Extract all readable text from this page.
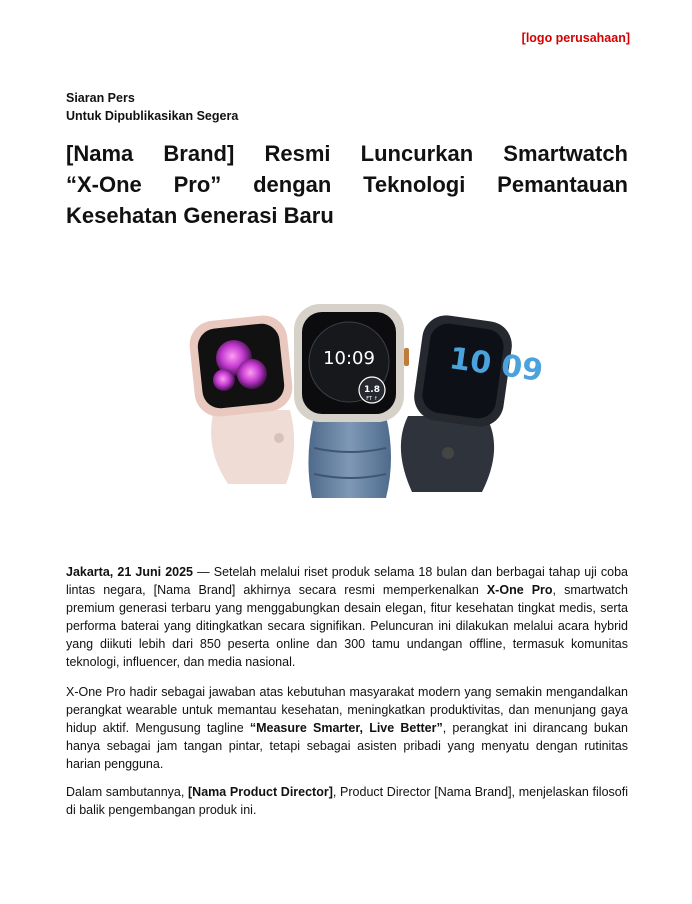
[logo perusahaan]
Siaran Pers
Untuk Dipublikasikan Segera
[Nama Brand] Resmi Luncurkan Smartwatch
“X-One Pro” dengan Teknologi Pemantauan
Kesehatan Generasi Baru
10 09
10:09
1.8
FT ↑

Jakarta, 21 Juni 2025 — Setelah melalui riset produk selama 18 bulan dan berbagai tahap uji coba lintas negara, [Nama Brand] akhirnya secara resmi memperkenalkan X-One Pro, smartwatch premium generasi terbaru yang menggabungkan desain elegan, fitur kesehatan tingkat medis, serta performa baterai yang ditingkatkan secara signifikan. Peluncuran ini dilakukan melalui acara hybrid yang diikuti lebih dari 850 peserta online dan 300 tamu undangan offline, termasuk komunitas teknologi, influencer, dan media nasional.

X-One Pro hadir sebagai jawaban atas kebutuhan masyarakat modern yang semakin mengandalkan perangkat wearable untuk memantau kesehatan, meningkatkan produktivitas, dan menunjang gaya hidup aktif. Mengusung tagline “Measure Smarter, Live Better”, perangkat ini dirancang bukan hanya sebagai jam tangan pintar, tetapi sebagai asisten pribadi yang menyatu dengan rutinitas harian pengguna.

Dalam sambutannya, [Nama Product Director], Product Director [Nama Brand], menjelaskan filosofi di balik pengembangan produk ini.
